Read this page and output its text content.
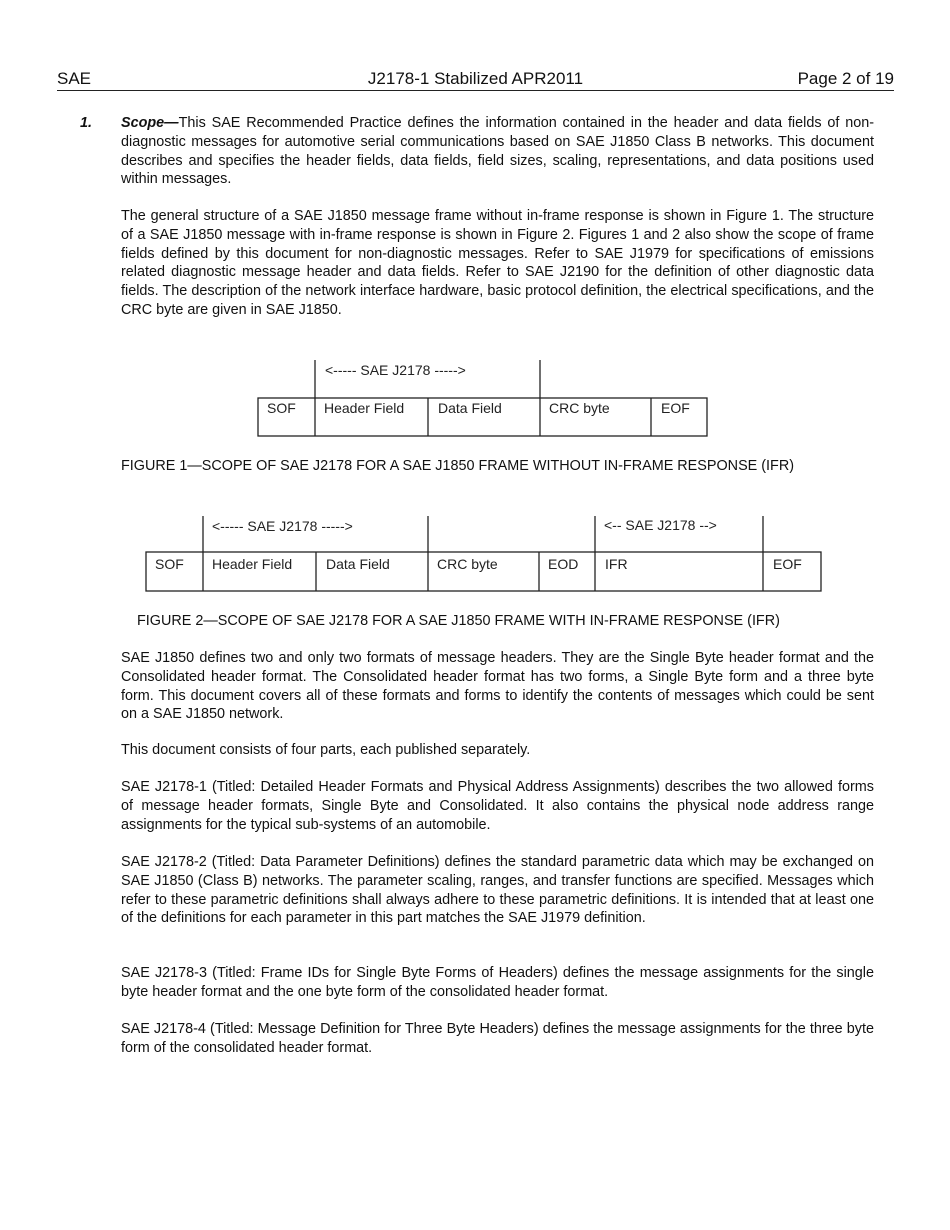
SAE	J2178-1 Stabilized APR2011	Page 2 of 19
1. Scope—This SAE Recommended Practice defines the information contained in the header and data fields of non-diagnostic messages for automotive serial communications based on SAE J1850 Class B networks. This document describes and specifies the header fields, data fields, field sizes, scaling, representations, and data positions used within messages.

The general structure of a SAE J1850 message frame without in-frame response is shown in Figure 1. The structure of a SAE J1850 message with in-frame response is shown in Figure 2. Figures 1 and 2 also show the scope of frame fields defined by this document for non-diagnostic messages. Refer to SAE J1979 for specifications of emissions related diagnostic message header and data fields. Refer to SAE J2190 for the definition of other diagnostic data fields. The description of the network interface hardware, basic protocol definition, the electrical specifications, and the CRC byte are given in SAE J1850.

<----- SAE J2178 ----->
SOF Header Field Data Field	CRC byte	EOF
FIGURE 1—SCOPE OF SAE J2178 FOR A SAE J1850 FRAME WITHOUT IN-FRAME RESPONSE (IFR)
<----- SAE J2178 ----->	<-- SAE J2178 -->
SOF Header Field Data Field	CRC byte	EOD IFR	EOF
FIGURE 2—SCOPE OF SAE J2178 FOR A SAE J1850 FRAME WITH IN-FRAME RESPONSE (IFR)

SAE J1850 defines two and only two formats of message headers. They are the Single Byte header format and the Consolidated header format. The Consolidated header format has two forms, a Single Byte form and a three byte form. This document covers all of these formats and forms to identify the contents of messages which could be sent on a SAE J1850 network.

This document consists of four parts, each published separately.

SAE J2178-1 (Titled: Detailed Header Formats and Physical Address Assignments) describes the two allowed forms of message header formats, Single Byte and Consolidated. It also contains the physical node address range assignments for the typical sub-systems of an automobile.

SAE J2178-2 (Titled: Data Parameter Definitions) defines the standard parametric data which may be exchanged on SAE J1850 (Class B) networks. The parameter scaling, ranges, and transfer functions are specified. Messages which refer to these parametric definitions shall always adhere to these parametric definitions. It is intended that at least one of the definitions for each parameter in this part matches the SAE J1979 definition.

SAE J2178-3 (Titled: Frame IDs for Single Byte Forms of Headers) defines the message assignments for the single byte header format and the one byte form of the consolidated header format.

SAE J2178-4 (Titled: Message Definition for Three Byte Headers) defines the message assignments for the three byte form of the consolidated header format.
